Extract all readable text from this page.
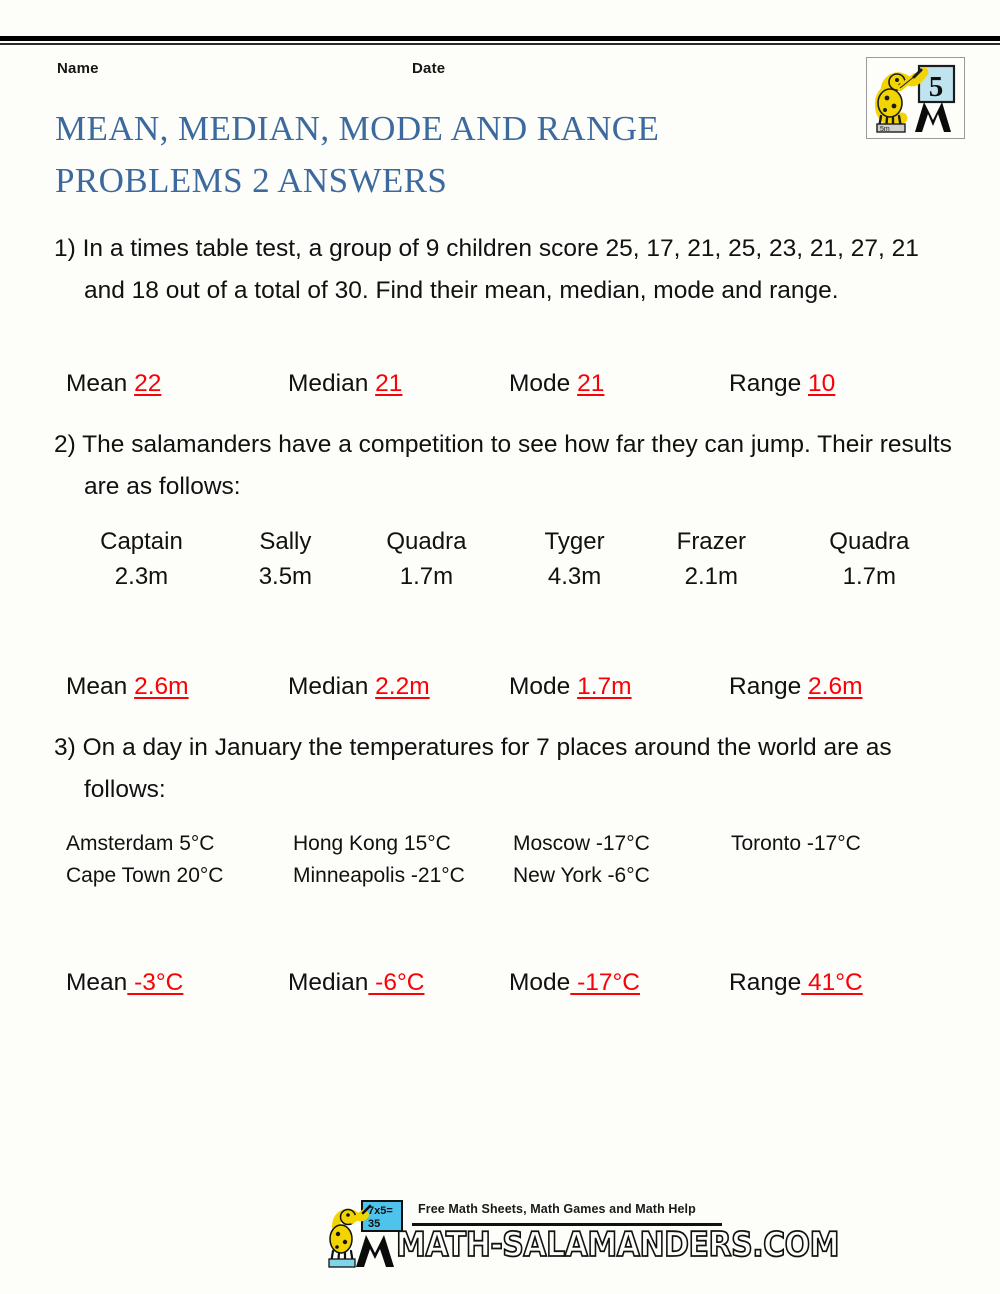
Name	Date
5
5m
MEAN, MEDIAN, MODE AND RANGE
PROBLEMS 2 ANSWERS
1) In a times table test, a group of 9 children score 25, 17, 21, 25, 23, 21, 27, 21 and 18 out of a total of 30. Find their mean, median, mode and range.
Mean 22	Median 21	Mode 21	Range 10
2) The salamanders have a competition to see how far they can jump. Their results are as follows:
Captain	Sally	Quadra	Tyger	Frazer	Quadra
2.3m	3.5m	1.7m	4.3m	2.1m	1.7m
Mean 2.6m	Median 2.2m	Mode 1.7m	Range 2.6m
3) On a day in January the temperatures for 7 places around the world are as follows:
Amsterdam 5°C	Hong Kong 15°C	Moscow -17°C	Toronto -17°C
Cape Town 20°C	Minneapolis -21°C New York -6°C
Mean -3°C	Median -6°C	Mode -17°C	Range 41°C
7x5=
35
Free Math Sheets, Math Games and Math Help
MATH-SALAMANDERS.COM
